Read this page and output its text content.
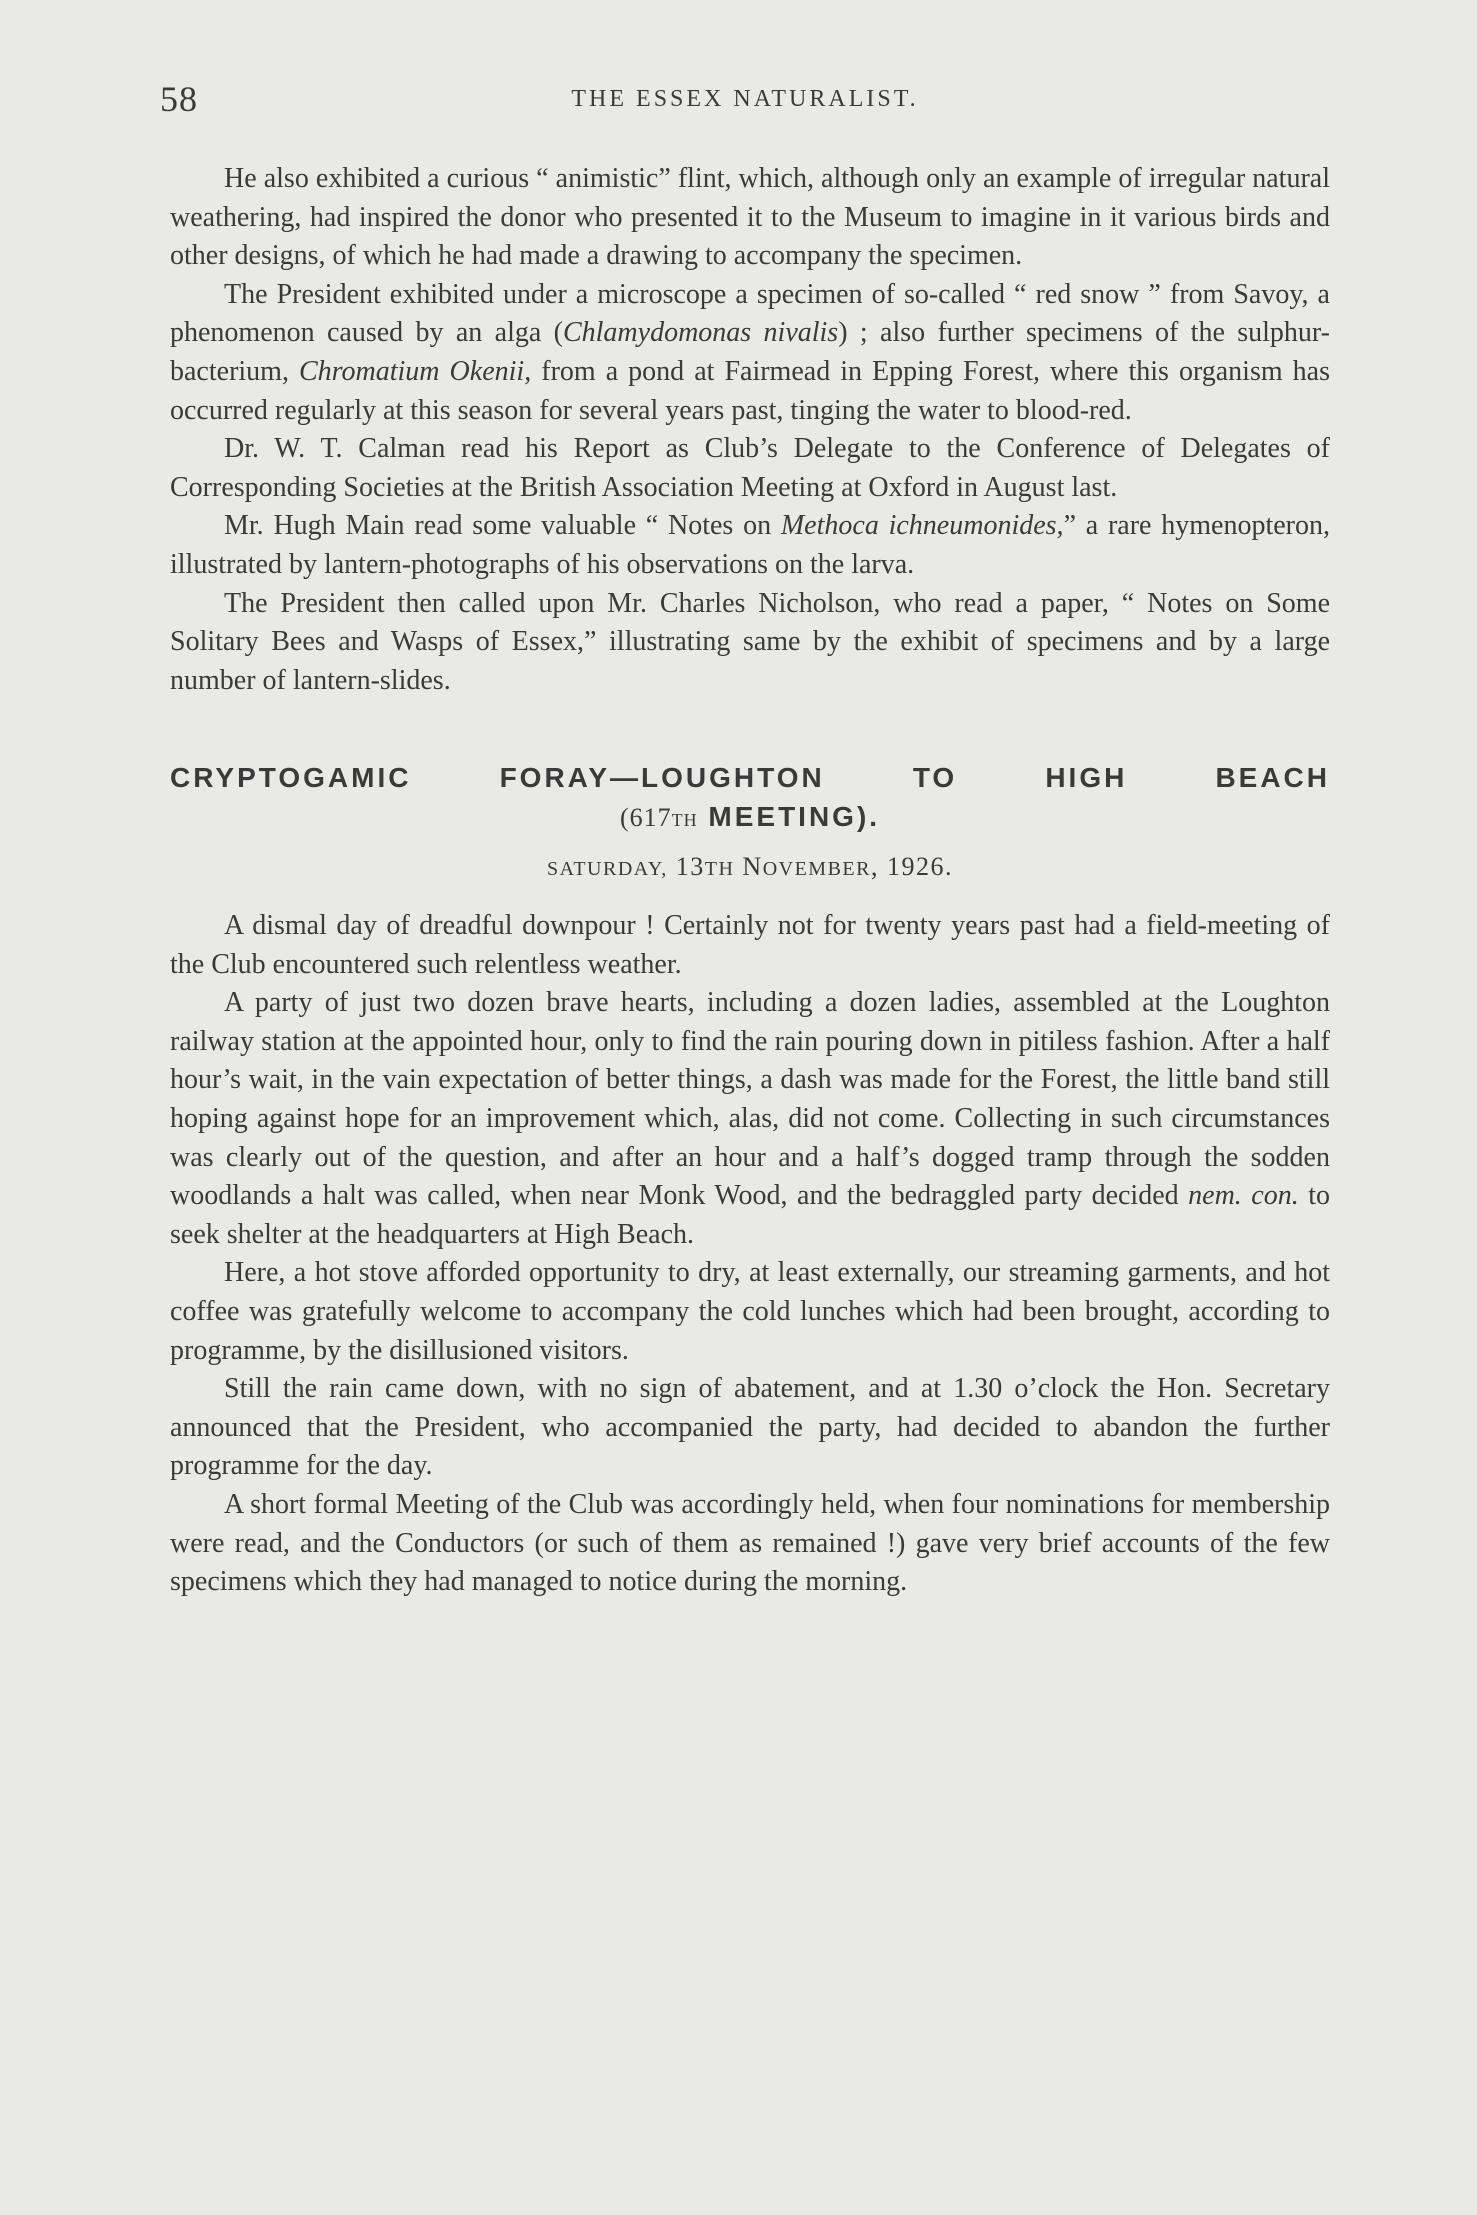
58	THE ESSEX NATURALIST.

He also exhibited a curious “ animistic” flint, which, although only an example of irregular natural weathering, had inspired the donor who presented it to the Museum to imagine in it various birds and other designs, of which he had made a drawing to accompany the specimen.

The President exhibited under a microscope a specimen of so-called “ red snow ” from Savoy, a phenomenon caused by an alga (Chlamydomonas nivalis) ; also further specimens of the sulphur-bacterium, Chromatium Okenii, from a pond at Fairmead in Epping Forest, where this organism has occurred regularly at this season for several years past, tinging the water to blood-red.

Dr. W. T. Calman read his Report as Club’s Delegate to the Conference of Delegates of Corresponding Societies at the British Association Meeting at Oxford in August last.

Mr. Hugh Main read some valuable “ Notes on Methoca ichneumonides,” a rare hymenopteron, illustrated by lantern-photographs of his observations on the larva.

The President then called upon Mr. Charles Nicholson, who read a paper, “ Notes on Some Solitary Bees and Wasps of Essex,” illustrating same by the exhibit of specimens and by a large number of lantern-slides.

CRYPTOGAMIC FORAY—LOUGHTON TO HIGH BEACH
(617TH MEETING).
SATURDAY, 13TH NOVEMBER, 1926.

A dismal day of dreadful downpour ! Certainly not for twenty years past had a field-meeting of the Club encountered such relentless weather.

A party of just two dozen brave hearts, including a dozen ladies, assembled at the Loughton railway station at the appointed hour, only to find the rain pouring down in pitiless fashion. After a half hour’s wait, in the vain expectation of better things, a dash was made for the Forest, the little band still hoping against hope for an improvement which, alas, did not come. Collecting in such circumstances was clearly out of the question, and after an hour and a half’s dogged tramp through the sodden woodlands a halt was called, when near Monk Wood, and the bedraggled party decided nem. con. to seek shelter at the headquarters at High Beach.

Here, a hot stove afforded opportunity to dry, at least externally, our streaming garments, and hot coffee was gratefully welcome to accompany the cold lunches which had been brought, according to programme, by the disillusioned visitors.

Still the rain came down, with no sign of abatement, and at 1.30 o’clock the Hon. Secretary announced that the President, who accompanied the party, had decided to abandon the further programme for the day.

A short formal Meeting of the Club was accordingly held, when four nominations for membership were read, and the Conductors (or such of them as remained !) gave very brief accounts of the few specimens which they had managed to notice during the morning.
